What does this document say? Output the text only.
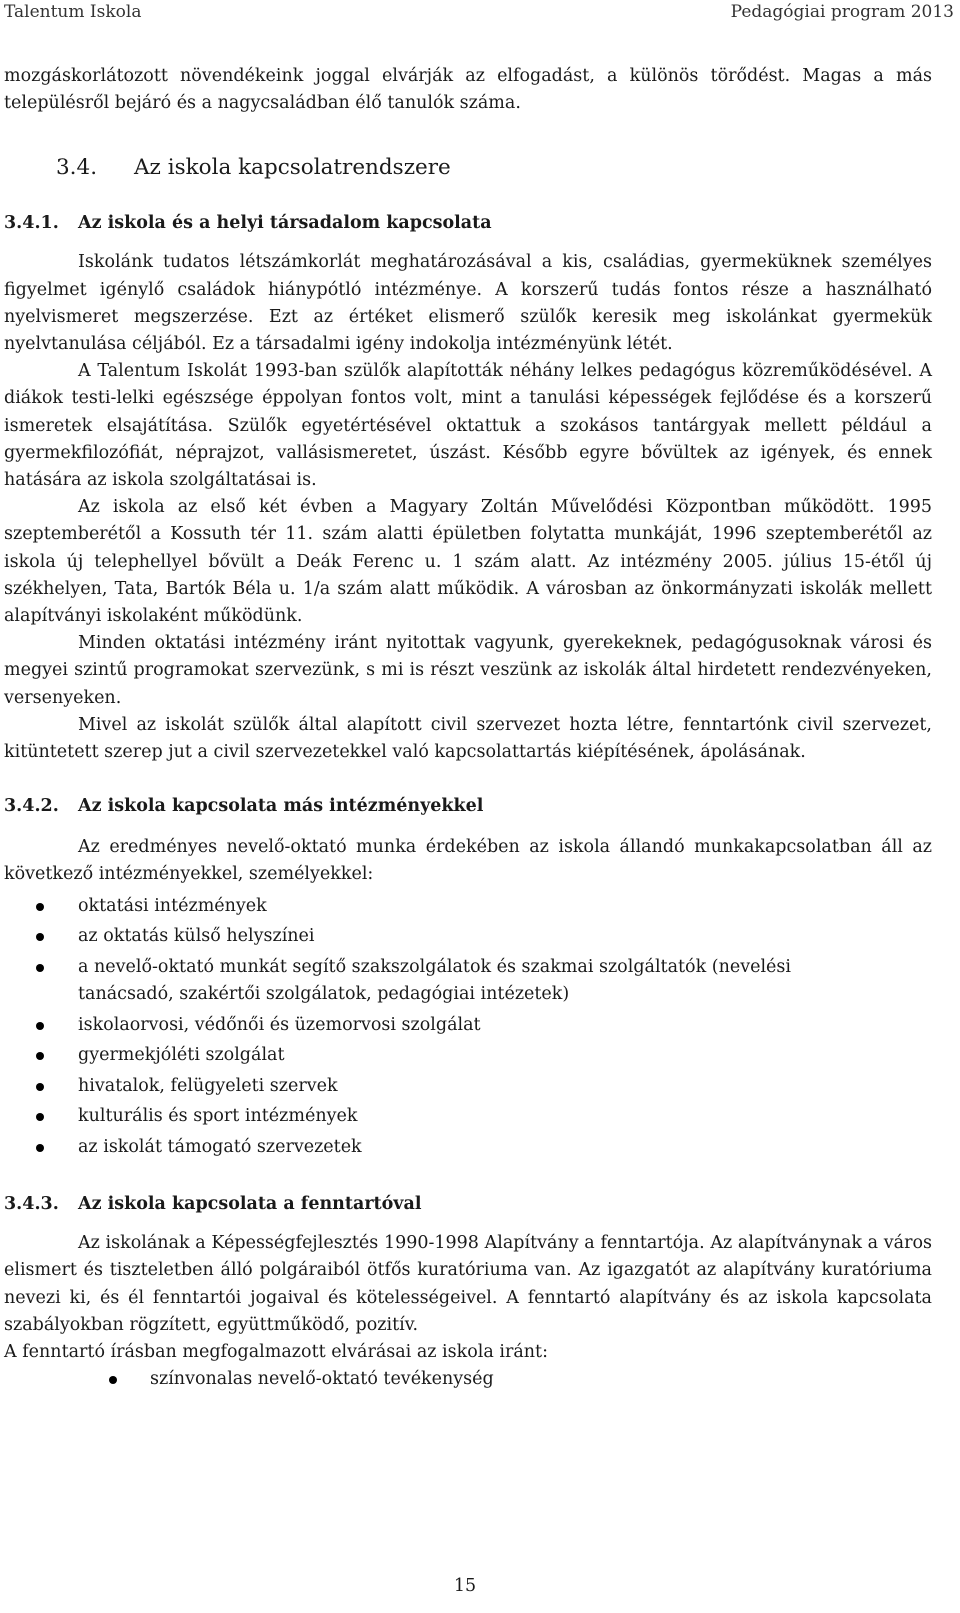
Talentum Iskola	Pedagógiai program 2013

mozgáskorlátozott növendékeink joggal elvárják az elfogadást, a különös törődést. Magas a más településről bejáró és a nagycsaládban élő tanulók száma.

3.4. Az iskola kapcsolatrendszere
3.4.1. Az iskola és a helyi társadalom kapcsolata

Iskolánk tudatos létszámkorlát meghatározásával a kis, családias, gyermeküknek személyes figyelmet igénylő családok hiánypótló intézménye. A korszerű tudás fontos része a használható nyelvismeret megszerzése. Ezt az értéket elismerő szülők keresik meg iskolánkat gyermekük nyelvtanulása céljából. Ez a társadalmi igény indokolja intézményünk létét.

A Talentum Iskolát 1993-ban szülők alapították néhány lelkes pedagógus közreműködésével. A diákok testi-lelki egészsége éppolyan fontos volt, mint a tanulási képességek fejlődése és a korszerű ismeretek elsajátítása. Szülők egyetértésével oktattuk a szokásos tantárgyak mellett például a gyermekfilozófiát, néprajzot, vallásismeretet, úszást. Később egyre bővültek az igények, és ennek hatására az iskola szolgáltatásai is.

Az iskola az első két évben a Magyary Zoltán Művelődési Központban működött. 1995 szeptemberétől a Kossuth tér 11. szám alatti épületben folytatta munkáját, 1996 szeptemberétől az iskola új telephellyel bővült a Deák Ferenc u. 1 szám alatt. Az intézmény 2005. július 15-étől új székhelyen, Tata, Bartók Béla u. 1/a szám alatt működik. A városban az önkormányzati iskolák mellett alapítványi iskolaként működünk.

Minden oktatási intézmény iránt nyitottak vagyunk, gyerekeknek, pedagógusoknak városi és megyei szintű programokat szervezünk, s mi is részt veszünk az iskolák által hirdetett rendezvényeken, versenyeken.

Mivel az iskolát szülők által alapított civil szervezet hozta létre, fenntartónk civil szervezet, kitüntetett szerep jut a civil szervezetekkel való kapcsolattartás kiépítésének, ápolásának.

3.4.2. Az iskola kapcsolata más intézményekkel

Az eredményes nevelő-oktató munka érdekében az iskola állandó munkakapcsolatban áll az következő intézményekkel, személyekkel:

oktatási intézmények
az oktatás külső helyszínei
a nevelő-oktató munkát segítő szakszolgálatok és szakmai szolgáltatók (nevelési tanácsadó, szakértői szolgálatok, pedagógiai intézetek)
iskolaorvosi, védőnői és üzemorvosi szolgálat
gyermekjóléti szolgálat
hivatalok, felügyeleti szervek
kulturális és sport intézmények
az iskolát támogató szervezetek
3.4.3. Az iskola kapcsolata a fenntartóval

Az iskolának a Képességfejlesztés 1990-1998 Alapítvány a fenntartója. Az alapítványnak a város elismert és tiszteletben álló polgáraiból ötfős kuratóriuma van. Az igazgatót az alapítvány kuratóriuma nevezi ki, és él fenntartói jogaival és kötelességeivel. A fenntartó alapítvány és az iskola kapcsolata szabályokban rögzített, együttműködő, pozitív.

A fenntartó írásban megfogalmazott elvárásai az iskola iránt:

színvonalas nevelő-oktató tevékenység
15
